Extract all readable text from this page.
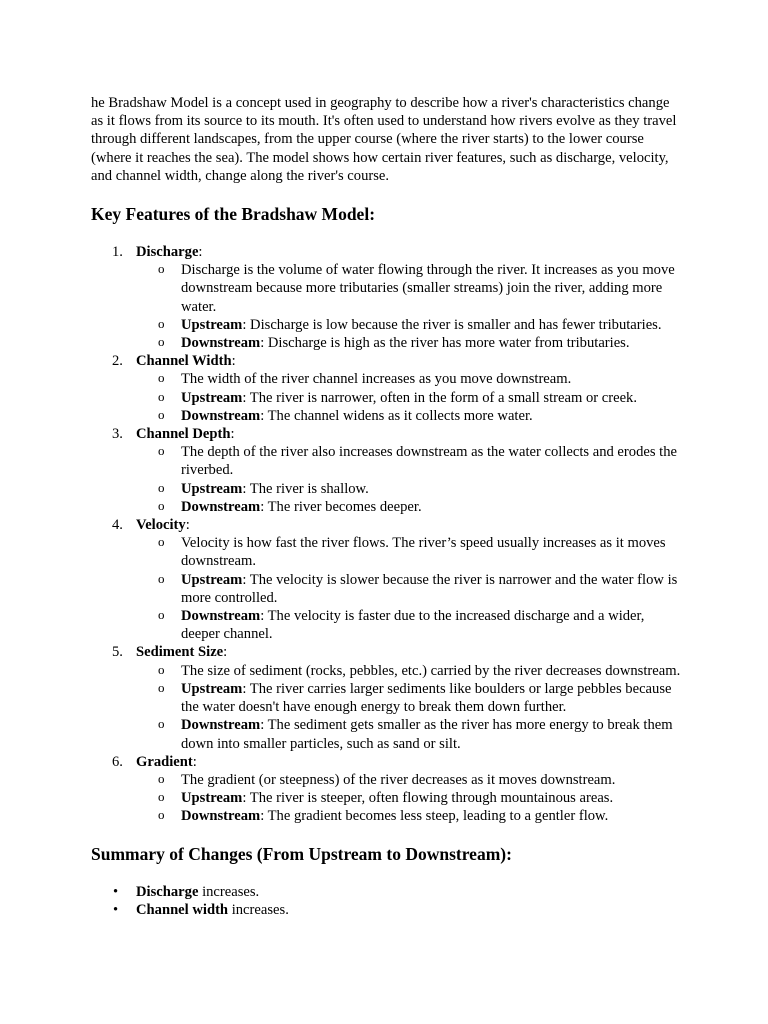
he Bradshaw Model is a concept used in geography to describe how a river's characteristics change as it flows from its source to its mouth. It's often used to understand how rivers evolve as they travel through different landscapes, from the upper course (where the river starts) to the lower course (where it reaches the sea). The model shows how certain river features, such as discharge, velocity, and channel width, change along the river's course.

Key Features of the Bradshaw Model:
1. Discharge:
o Discharge is the volume of water flowing through the river. It increases as you move downstream because more tributaries (smaller streams) join the river, adding more water.
o Upstream: Discharge is low because the river is smaller and has fewer tributaries.
o Downstream: Discharge is high as the river has more water from tributaries.
2. Channel Width:
o The width of the river channel increases as you move downstream.
o Upstream: The river is narrower, often in the form of a small stream or creek.
o Downstream: The channel widens as it collects more water.
3. Channel Depth:
o The depth of the river also increases downstream as the water collects and erodes the riverbed.
o Upstream: The river is shallow.
o Downstream: The river becomes deeper.
4. Velocity:
o Velocity is how fast the river flows. The river’s speed usually increases as it moves downstream.
o Upstream: The velocity is slower because the river is narrower and the water flow is more controlled.
o Downstream: The velocity is faster due to the increased discharge and a wider, deeper channel.
5. Sediment Size:
o The size of sediment (rocks, pebbles, etc.) carried by the river decreases downstream.
o Upstream: The river carries larger sediments like boulders or large pebbles because the water doesn't have enough energy to break them down further.
o Downstream: The sediment gets smaller as the river has more energy to break them down into smaller particles, such as sand or silt.
6. Gradient:
o The gradient (or steepness) of the river decreases as it moves downstream.
o Upstream: The river is steeper, often flowing through mountainous areas.
o Downstream: The gradient becomes less steep, leading to a gentler flow.
Summary of Changes (From Upstream to Downstream):
• Discharge increases.
• Channel width increases.
